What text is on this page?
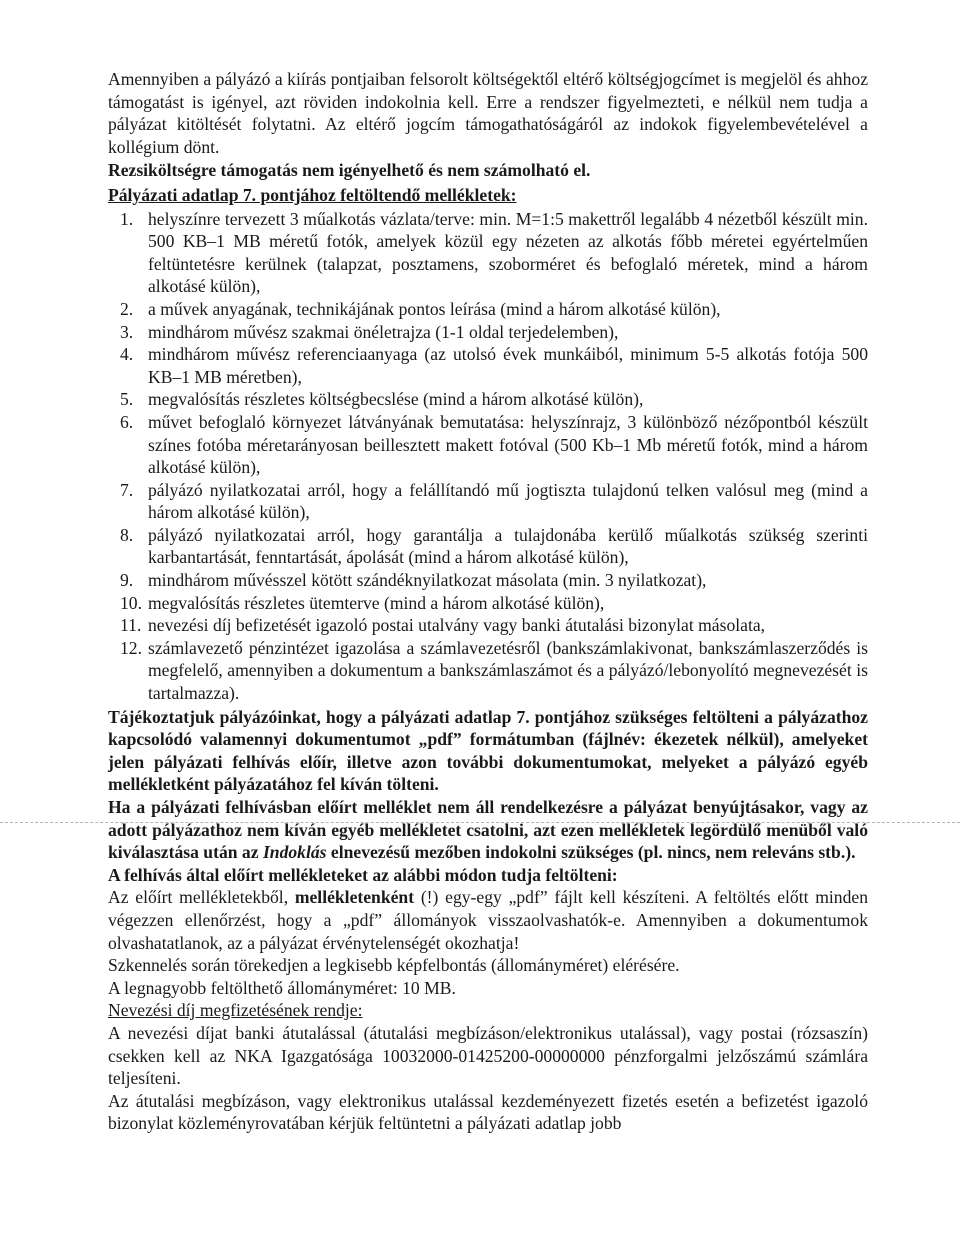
Amennyiben a pályázó a kiírás pontjaiban felsorolt költségektől eltérő költségjogcímet is megjelöl és ahhoz támogatást is igényel, azt röviden indokolnia kell. Erre a rendszer figyelmezteti, e nélkül nem tudja a pályázat kitöltését folytatni. Az eltérő jogcím támogathatóságáról az indokok figyelembevételével a kollégium dönt.

Rezsiköltségre támogatás nem igényelhető és nem számolható el.

Pályázati adatlap 7. pontjához feltöltendő mellékletek:

1. helyszínre tervezett 3 műalkotás vázlata/terve: min. M=1:5 makettről legalább 4 nézetből készült min. 500 KB–1 MB méretű fotók, amelyek közül egy nézeten az alkotás főbb méretei egyértelműen feltüntetésre kerülnek (talapzat, posztamens, szoborméret és befoglaló méretek, mind a három alkotásé külön),
2. a művek anyagának, technikájának pontos leírása (mind a három alkotásé külön),
3. mindhárom művész szakmai önéletrajza (1-1 oldal terjedelemben),
4. mindhárom művész referenciaanyaga (az utolsó évek munkáiból, minimum 5-5 alkotás fotója 500 KB–1 MB méretben),
5. megvalósítás részletes költségbecslése (mind a három alkotásé külön),
6. művet befoglaló környezet látványának bemutatása: helyszínrajz, 3 különböző nézőpontból készült színes fotóba méretarányosan beillesztett makett fotóval (500 Kb–1 Mb méretű fotók, mind a három alkotásé külön),
7. pályázó nyilatkozatai arról, hogy a felállítandó mű jogtiszta tulajdonú telken valósul meg (mind a három alkotásé külön),
8. pályázó nyilatkozatai arról, hogy garantálja a tulajdonába kerülő műalkotás szükség szerinti karbantartását, fenntartását, ápolását (mind a három alkotásé külön),
9. mindhárom művésszel kötött szándéknyilatkozat másolata (min. 3 nyilatkozat),
10. megvalósítás részletes ütemterve (mind a három alkotásé külön),
11. nevezési díj befizetését igazoló postai utalvány vagy banki átutalási bizonylat másolata,
12. számlavezető pénzintézet igazolása a számlavezetésről (bankszámlakivonat, bankszámlaszerződés is megfelelő, amennyiben a dokumentum a bankszámlaszámot és a pályázó/lebonyolító megnevezését is tartalmazza).

Tájékoztatjuk pályázóinkat, hogy a pályázati adatlap 7. pontjához szükséges feltölteni a pályázathoz kapcsolódó valamennyi dokumentumot „pdf” formátumban (fájlnév: ékezetek nélkül), amelyeket jelen pályázati felhívás előír, illetve azon további dokumentumokat, melyeket a pályázó egyéb mellékletként pályázatához fel kíván tölteni.

Ha a pályázati felhívásban előírt melléklet nem áll rendelkezésre a pályázat benyújtásakor, vagy az adott pályázathoz nem kíván egyéb mellékletet csatolni, azt ezen mellékletek legördülő menüből való kiválasztása után az Indoklás elnevezésű mezőben indokolni szükséges (pl. nincs, nem releváns stb.).

A felhívás által előírt mellékleteket az alábbi módon tudja feltölteni:

Az előírt mellékletekből, mellékletenként (!) egy-egy „pdf” fájlt kell készíteni. A feltöltés előtt minden végezzen ellenőrzést, hogy a „pdf” állományok visszaolvashatók-e. Amennyiben a dokumentumok olvashatatlanok, az a pályázat érvénytelenségét okozhatja!

Szkennelés során törekedjen a legkisebb képfelbontás (állományméret) elérésére.

A legnagyobb feltölthető állományméret: 10 MB.

Nevezési díj megfizetésének rendje:

A nevezési díjat banki átutalással (átutalási megbízáson/elektronikus utalással), vagy postai (rózsaszín) csekken kell az NKA Igazgatósága 10032000-01425200-00000000 pénzforgalmi jelzőszámú számlára teljesíteni.

Az átutalási megbízáson, vagy elektronikus utalással kezdeményezett fizetés esetén a befizetést igazoló bizonylat közleményrovatában kérjük feltüntetni a pályázati adatlap jobb
